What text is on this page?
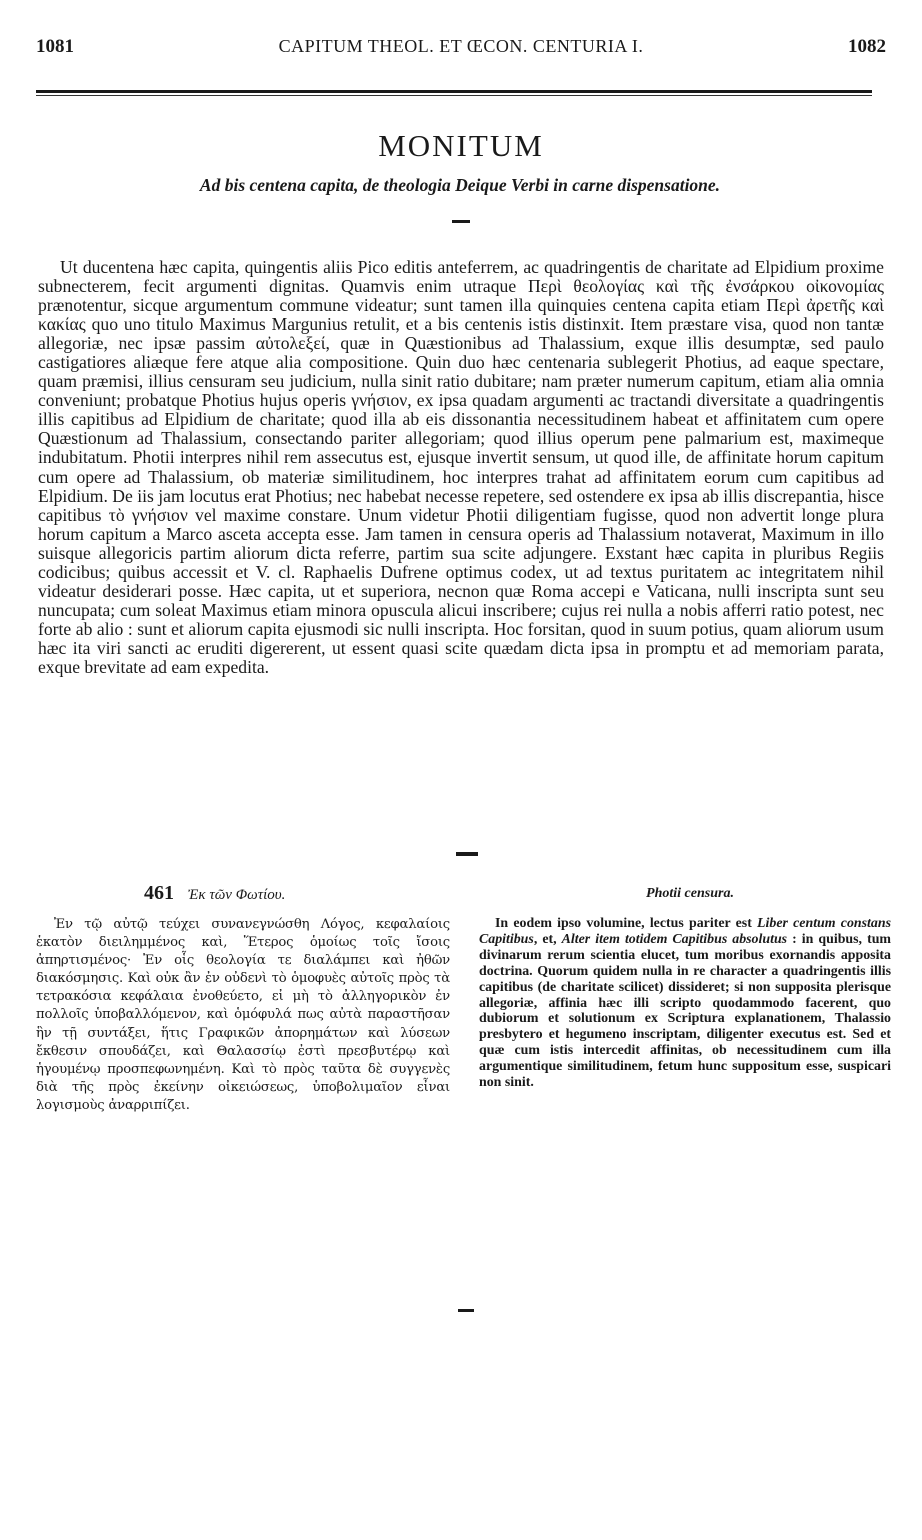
1081	CAPITUM THEOL. ET ŒCON. CENTURIA I.	1082
MONITUM
Ad bis centena capita, de theologia Deique Verbi in carne dispensatione.

Ut ducentena hæc capita, quingentis aliis Pico editis anteferrem, ac quadringentis de charitate ad Elpidium proxime subnecterem, fecit argumenti dignitas. Quamvis enim utraque Περὶ θεολογίας καὶ τῆς ἐνσάρκου οἰκονομίας prænotentur, sicque argumentum commune videatur; sunt tamen illa quinquies centena capita etiam Περὶ ἀρετῆς καὶ κακίας quo uno titulo Maximus Margunius retulit, et a bis centenis istis distinxit. Item præstare visa, quod non tantæ allegoriæ, nec ipsæ passim αὐτολεξεί, quæ in Quæstionibus ad Thalassium, exque illis desumptæ, sed paulo castigatiores aliæque fere atque alia compositione. Quin duo hæc centenaria sublegerit Photius, ad eaque spectare, quam præmisi, illius censuram seu judicium, nulla sinit ratio dubitare; nam præter numerum capitum, etiam alia omnia conveniunt; probatque Photius hujus operis γνήσιον, ex ipsa quadam argumenti ac tractandi diversitate a quadringentis illis capitibus ad Elpidium de charitate; quod illa ab eis dissonantia necessitudinem habeat et affinitatem cum opere Quæstionum ad Thalassium, consectando pariter allegoriam; quod illius operum pene palmarium est, maximeque indubitatum. Photii interpres nihil rem assecutus est, ejusque invertit sensum, ut quod ille, de affinitate horum capitum cum opere ad Thalassium, ob materiæ similitudinem, hoc interpres trahat ad affinitatem eorum cum capitibus ad Elpidium. De iis jam locutus erat Photius; nec habebat necesse repetere, sed ostendere ex ipsa ab illis discrepantia, hisce capitibus τὸ γνήσιον vel maxime constare. Unum videtur Photii diligentiam fugisse, quod non advertit longe plura horum capitum a Marco asceta accepta esse. Jam tamen in censura operis ad Thalassium notaverat, Maximum in illo suisque allegoricis partim aliorum dicta referre, partim sua scite adjungere. Exstant hæc capita in pluribus Regiis codicibus; quibus accessit et V. cl. Raphaelis Dufrene optimus codex, ut ad textus puritatem ac integritatem nihil videatur desiderari posse. Hæc capita, ut et superiora, necnon quæ Roma accepi e Vaticana, nulli inscripta sunt seu nuncupata; cum soleat Maximus etiam minora opuscula alicui inscribere; cujus rei nulla a nobis afferri ratio potest, nec forte ab alio : sunt et aliorum capita ejusmodi sic nulli inscripta. Hoc forsitan, quod in suum potius, quam aliorum usum hæc ita viri sancti ac eruditi digererent, ut essent quasi scite quædam dicta ipsa in promptu et ad memoriam parata, exque brevitate ad eam expedita.

461 Ἐκ τῶν Φωτίου.	Photii censura.

Ἐν τῷ αὐτῷ τεύχει συνανεγνώσθη Λόγος, κεφαλαίοις ἑκατὸν διειλημμένος καὶ, Ἕτερος ὁμοίως τοῖς ἴσοις ἀπηρτισμένος· Ἐν οἷς θεολογία τε διαλάμπει καὶ ἠθῶν διακόσμησις. Καὶ οὐκ ἂν ἐν οὐδενὶ τὸ ὁμοφυὲς αὐτοῖς πρὸς τὰ τετρακόσια κεφάλαια ἐνοθεύετο, εἰ μὴ τὸ ἀλληγορικὸν ἐν πολλοῖς ὑποβαλλόμενον, καὶ ὁμόφυλά πως αὐτὰ παραστῆσαν ἣν τῇ συντάξει, ἥτις Γραφικῶν ἀπορημάτων καὶ λύσεων ἔκθεσιν σπουδάζει, καὶ Θαλασσίῳ ἐστὶ πρεσβυτέρῳ καὶ ἡγουμένῳ προσπεφωνημένη. Καὶ τὸ πρὸς ταῦτα δὲ συγγενὲς διὰ τῆς πρὸς ἐκείνην οἰκειώσεως, ὑποβολιμαῖον εἶναι λογισμοὺς ἀναρριπίζει.

In eodem ipso volumine, lectus pariter est Liber centum constans Capitibus, et, Alter item totidem Capitibus absolutus : in quibus, tum divinarum rerum scientia elucet, tum moribus exornandis apposita doctrina. Quorum quidem nulla in re character a quadringentis illis capitibus (de charitate scilicet) dissideret; si non supposita plerisque allegoriæ, affinia hæc illi scripto quodammodo facerent, quo dubiorum et solutionum ex Scriptura explanationem, Thalassio presbytero et hegumeno inscriptam, diligenter executus est. Sed et quæ cum istis intercedit affinitas, ob necessitudinem cum illa argumentique similitudinem, fetum hunc suppositum esse, suspicari non sinit.
